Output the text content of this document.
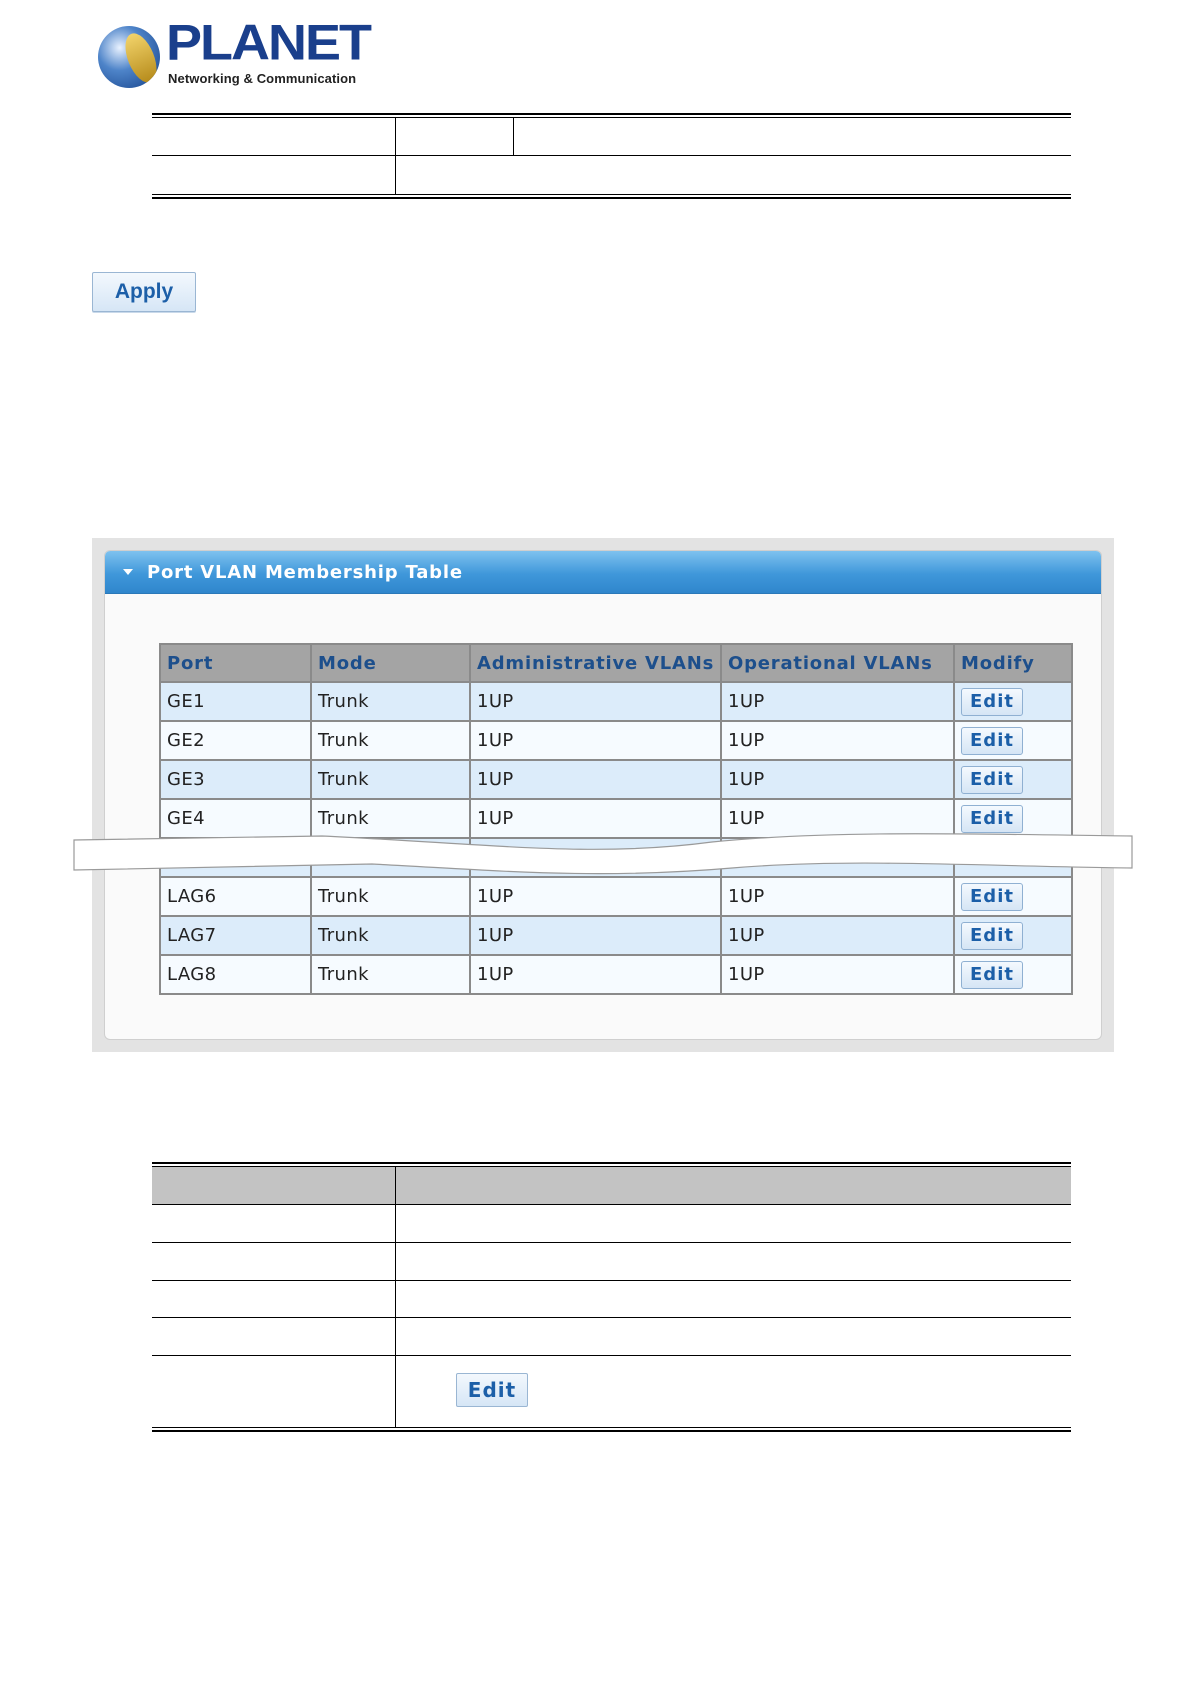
PLANET
Networking & Communication
Apply
Port VLAN Membership Table
Port	Mode	Administrative VLANs	Operational VLANs	Modify
GE1	Trunk	1UP	1UP	Edit
GE2	Trunk	1UP	1UP	Edit
GE3	Trunk	1UP	1UP	Edit
GE4	Trunk	1UP	1UP	Edit

LAG6	Trunk	1UP	1UP	Edit
LAG7	Trunk	1UP	1UP	Edit
LAG8	Trunk	1UP	1UP	Edit
Edit
